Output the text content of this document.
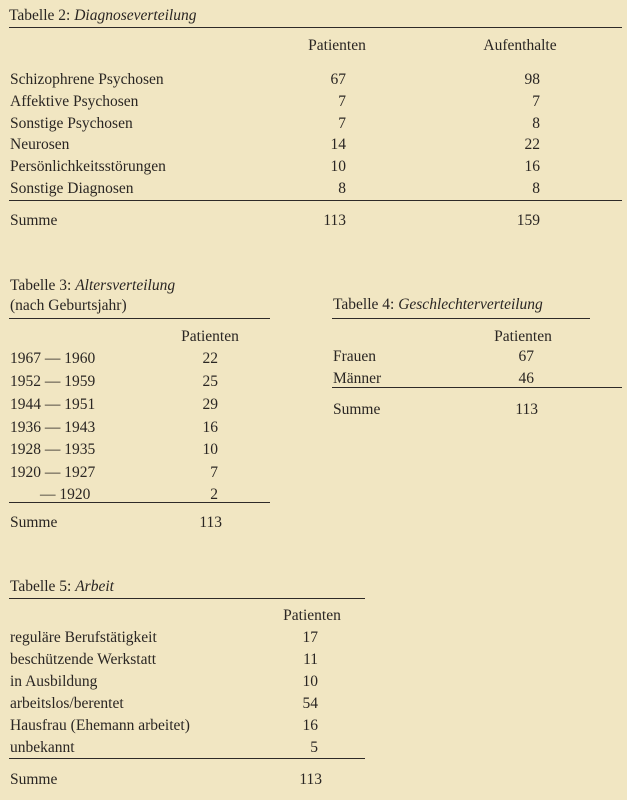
Tabelle 2: Diagnoseverteilung
Patienten	Aufenthalte
Schizophrene Psychosen	67	98
Affektive Psychosen	7	7
Sonstige Psychosen	7	8
Neurosen	14	22
Persönlichkeitsstörungen	10	16
Sonstige Diagnosen	8	8
Summe	113	159
Tabelle 3: Altersverteilung
(nach Geburtsjahr)
Patienten
1967 — 1960	22
1952 — 1959	25
1944 — 1951	29
1936 — 1943	16
1928 — 1935	10
1920 — 1927	7
— 1920	2
Summe	113
Tabelle 4: Geschlechterverteilung
Patienten
Frauen	67
Männer	46
Summe	113
Tabelle 5: Arbeit
Patienten
reguläre Berufstätigkeit	17
beschützende Werkstatt	11
in Ausbildung	10
arbeitslos/berentet	54
Hausfrau (Ehemann arbeitet)	16
unbekannt	5
Summe	113
